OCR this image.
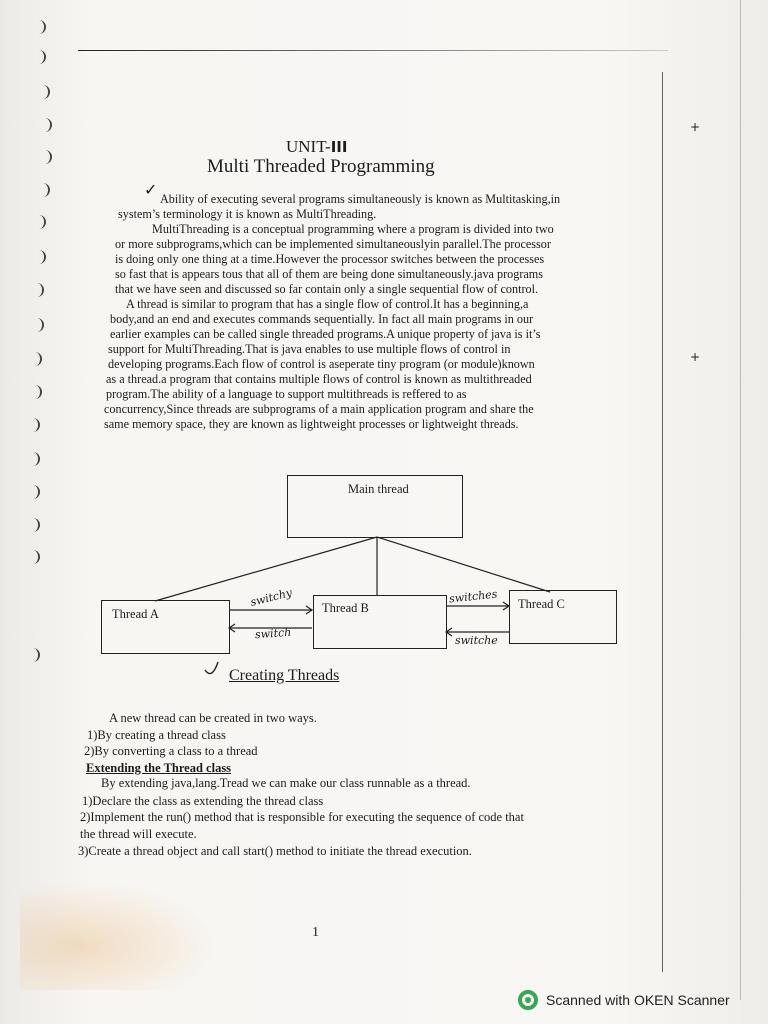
+
+
UNIT-III
Multi Threaded Programming
✓ Ability of executing several programs simultaneously is known as Multitasking,in
system’s terminology it is known as MultiThreading.
MultiThreading is a conceptual programming where a program is divided into two
or more subprograms,which can be implemented simultaneouslyin parallel.The processor
is doing only one thing at a time.However the processor switches between the processes
so fast that is appears tous that all of them are being done simultaneously.java programs
that we have seen and discussed so far contain only a single sequential flow of control.
A thread is similar to program that has a single flow of control.It has a beginning,a
body,and an end and executes commands sequentially. In fact all main programs in our
earlier examples can be called single threaded programs.A unique property of java is it’s
support for MultiThreading.That is java enables to use multiple flows of control in
developing programs.Each flow of control is aseperate tiny program (or module)known
as a thread.a program that contains multiple flows of control is known as multithreaded
program.The ability of a language to support multithreads is reffered to as
concurrency,Since threads are subprograms of a main application program and share the
same memory space, they are known as lightweight processes or lightweight threads.
Main thread
Thread A	Thread B	Thread C
switchy
switch
switches
switche
Creating Threads
A new thread can be created in two ways.
1)By creating a thread class
2)By converting a class to a thread
Extending the Thread class
By extending java,lang.Tread we can make our class runnable as a thread.
1)Declare the class as extending the thread class
2)Implement the run() method that is responsible for executing the sequence of code that
the thread will execute.
3)Create a thread object and call start() method to initiate the thread execution.
1
Scanned with OKEN Scanner
